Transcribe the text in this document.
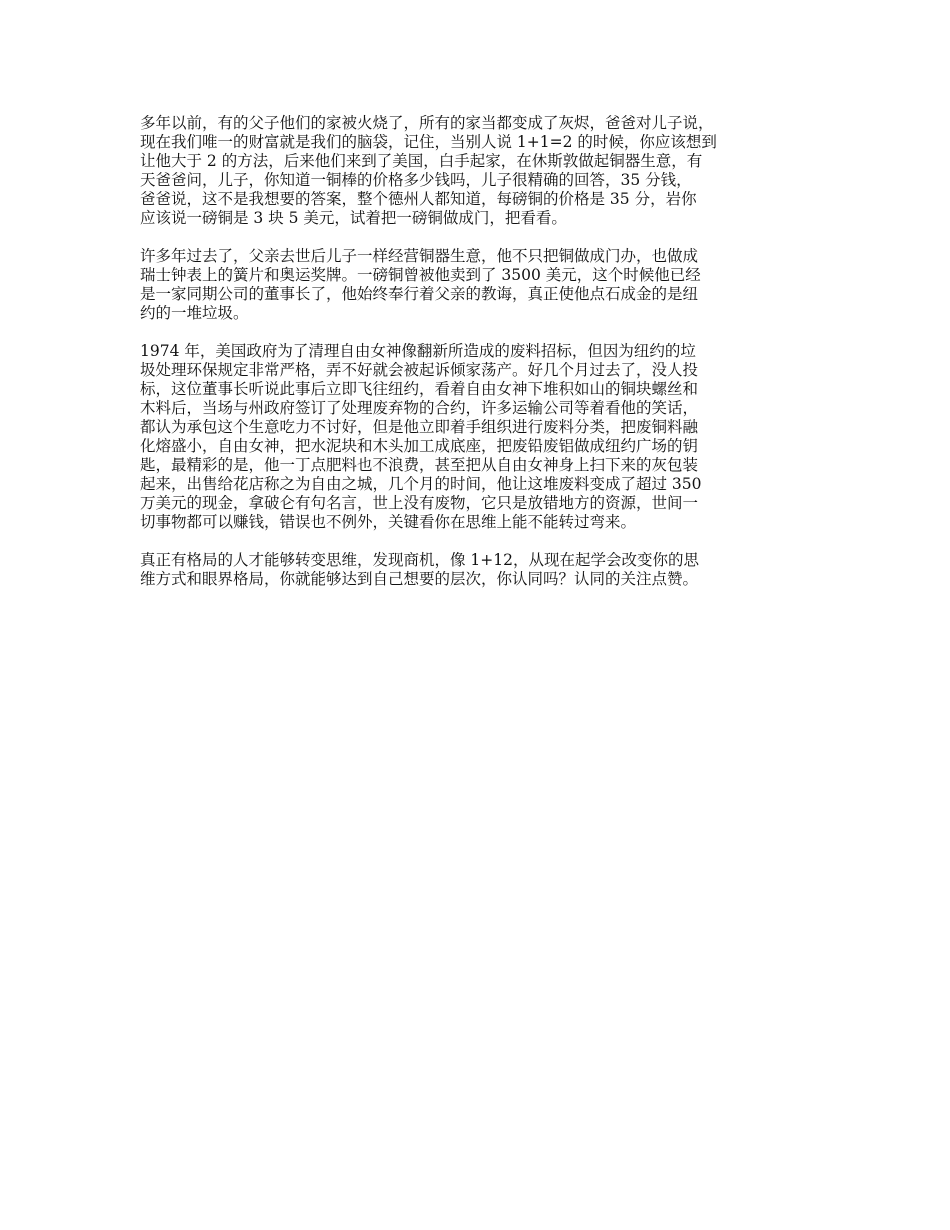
多年以前，有的父子他们的家被火烧了，所有的家当都变成了灰烬，爸爸对儿子说，
现在我们唯一的财富就是我们的脑袋，记住，当别人说 1+1=2 的时候，你应该想到
让他大于 2 的方法，后来他们来到了美国，白手起家，在休斯敦做起铜器生意，有
天爸爸问，儿子，你知道一铜棒的价格多少钱吗，儿子很精确的回答，35 分钱，
爸爸说，这不是我想要的答案，整个德州人都知道，每磅铜的价格是 35 分，岩你
应该说一磅铜是 3 块 5 美元，试着把一磅铜做成门，把看看。

许多年过去了，父亲去世后儿子一样经营铜器生意，他不只把铜做成门办，也做成
瑞士钟表上的簧片和奥运奖牌。一磅铜曾被他卖到了 3500 美元，这个时候他已经
是一家同期公司的董事长了，他始终奉行着父亲的教诲，真正使他点石成金的是纽
约的一堆垃圾。

1974 年，美国政府为了清理自由女神像翻新所造成的废料招标，但因为纽约的垃
圾处理环保规定非常严格，弄不好就会被起诉倾家荡产。好几个月过去了，没人投
标，这位董事长听说此事后立即飞往纽约，看着自由女神下堆积如山的铜块螺丝和
木料后，当场与州政府签订了处理废弃物的合约，许多运输公司等着看他的笑话，
都认为承包这个生意吃力不讨好，但是他立即着手组织进行废料分类，把废铜料融
化熔盛小，自由女神，把水泥块和木头加工成底座，把废铅废铝做成纽约广场的钥
匙，最精彩的是，他一丁点肥料也不浪费，甚至把从自由女神身上扫下来的灰包装
起来，出售给花店称之为自由之城，几个月的时间，他让这堆废料变成了超过 350
万美元的现金，拿破仑有句名言，世上没有废物，它只是放错地方的资源，世间一
切事物都可以赚钱，错误也不例外，关键看你在思维上能不能转过弯来。

真正有格局的人才能够转变思维，发现商机，像 1+12，从现在起学会改变你的思
维方式和眼界格局，你就能够达到自己想要的层次，你认同吗？认同的关注点赞。
